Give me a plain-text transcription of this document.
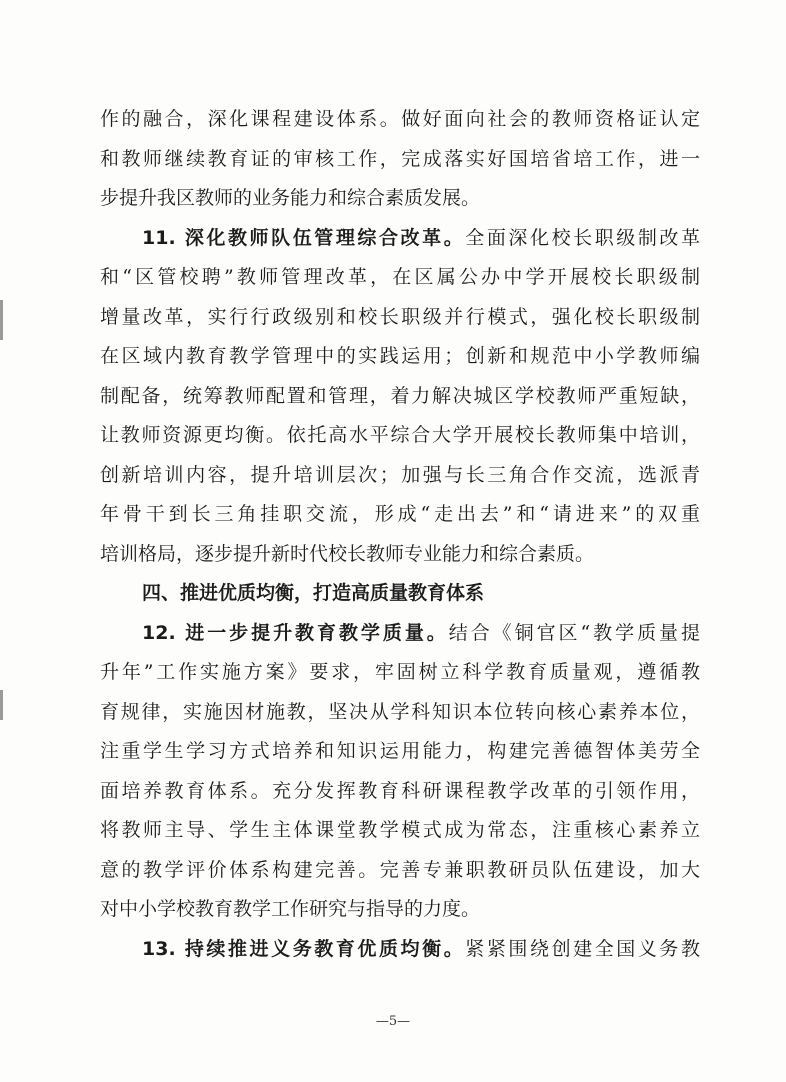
作的融合，深化课程建设体系。做好面向社会的教师资格证认定
和教师继续教育证的审核工作，完成落实好国培省培工作，进一
步提升我区教师的业务能力和综合素质发展。
11. 深化教师队伍管理综合改革。全面深化校长职级制改革
和“区管校聘”教师管理改革，在区属公办中学开展校长职级制
增量改革，实行行政级别和校长职级并行模式，强化校长职级制
在区域内教育教学管理中的实践运用；创新和规范中小学教师编
制配备，统筹教师配置和管理，着力解决城区学校教师严重短缺，
让教师资源更均衡。依托高水平综合大学开展校长教师集中培训，
创新培训内容，提升培训层次；加强与长三角合作交流，选派青
年骨干到长三角挂职交流，形成“走出去”和“请进来”的双重
培训格局，逐步提升新时代校长教师专业能力和综合素质。
四、推进优质均衡，打造高质量教育体系
12. 进一步提升教育教学质量。结合《铜官区“教学质量提
升年”工作实施方案》要求，牢固树立科学教育质量观，遵循教
育规律，实施因材施教，坚决从学科知识本位转向核心素养本位，
注重学生学习方式培养和知识运用能力，构建完善德智体美劳全
面培养教育体系。充分发挥教育科研课程教学改革的引领作用，
将教师主导、学生主体课堂教学模式成为常态，注重核心素养立
意的教学评价体系构建完善。完善专兼职教研员队伍建设，加大
对中小学校教育教学工作研究与指导的力度。
13. 持续推进义务教育优质均衡。紧紧围绕创建全国义务教
—5—
